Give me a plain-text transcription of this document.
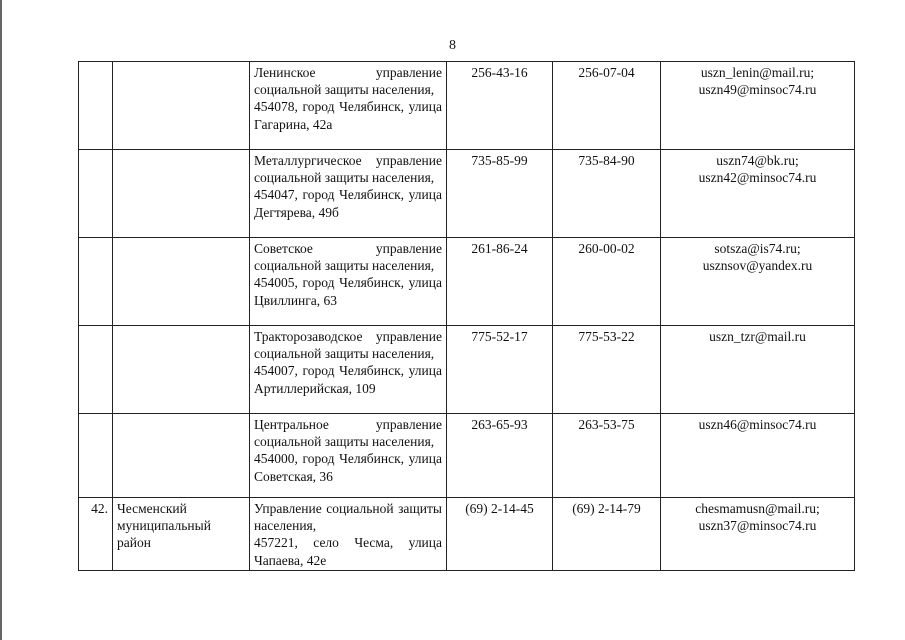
8

		Ленинское управление социальной защиты населения,
454078, город Челябинск, улица Гагарина, 42а	256-43-16	256-07-04	uszn_lenin@mail.ru;
uszn49@minsoc74.ru

		Металлургическое управление социальной защиты населения,
454047, город Челябинск, улица Дегтярева, 49б	735-85-99	735-84-90	uszn74@bk.ru;
uszn42@minsoc74.ru

		Советское управление социальной защиты населения,
454005, город Челябинск, улица Цвиллинга, 63	261-86-24	260-00-02	sotsza@is74.ru;
usznsov@yandex.ru

		Тракторозаводское управление социальной защиты населения,
454007, город Челябинск, улица Артиллерийская, 109	775-52-17	775-53-22	uszn_tzr@mail.ru

		Центральное управление социальной защиты населения,
454000, город Челябинск, улица Советская, 36	263-65-93	263-53-75	uszn46@minsoc74.ru

42.	Чесменский
муниципальный
район	Управление социальной защиты населения,
457221, село Чесма, улица Чапаева, 42е	(69) 2-14-45	(69) 2-14-79	chesmamusn@mail.ru;
uszn37@minsoc74.ru
